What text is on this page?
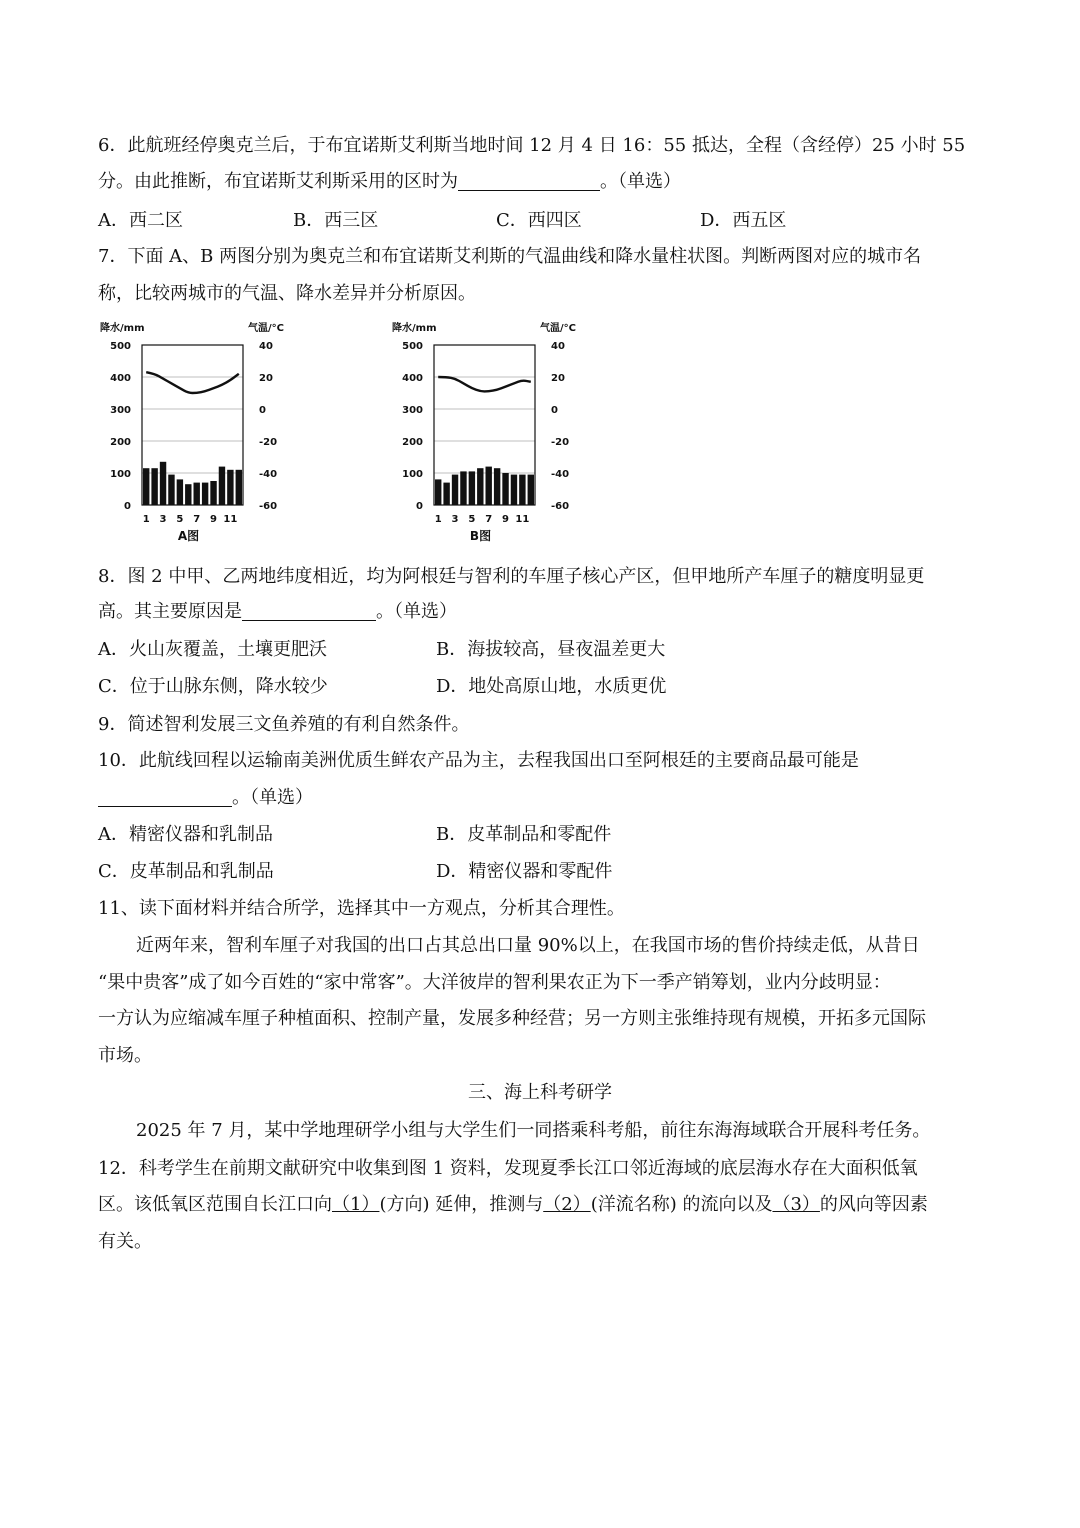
6．此航班经停奥克兰后，于布宜诺斯艾利斯当地时间 12 月 4 日 16：55 抵达，全程（含经停）25 小时 55
分。由此推断，布宜诺斯艾利斯采用的区时为	。（单选）
A．西二区	B．西三区	C．西四区	D．西五区
7．下面 A、B 两图分别为奥克兰和布宜诺斯艾利斯的气温曲线和降水量柱状图。判断两图对应的城市名
称，比较两城市的气温、降水差异并分析原因。
降水/mm	气温/°C
500
400
300
200
100
0
40
20
0
-20
-40
-60
1 3 5 7 9 11
A图
降水/mm	气温/°C
500
400
300
200
100
0
40
20
0
-20
-40
-60
1 3 5 7 9 11
B图
8．图 2 中甲、乙两地纬度相近，均为阿根廷与智利的车厘子核心产区，但甲地所产车厘子的糖度明显更
高。其主要原因是	。（单选）
A．火山灰覆盖，土壤更肥沃	B．海拔较高，昼夜温差更大
C．位于山脉东侧，降水较少	D．地处高原山地，水质更优
9．简述智利发展三文鱼养殖的有利自然条件。
10．此航线回程以运输南美洲优质生鲜农产品为主，去程我国出口至阿根廷的主要商品最可能是
。（单选）
A．精密仪器和乳制品	B．皮革制品和零配件
C．皮革制品和乳制品	D．精密仪器和零配件
11、读下面材料并结合所学，选择其中一方观点，分析其合理性。
近两年来，智利车厘子对我国的出口占其总出口量 90%以上，在我国市场的售价持续走低，从昔日
“果中贵客”成了如今百姓的“家中常客”。大洋彼岸的智利果农正为下一季产销筹划，业内分歧明显：
一方认为应缩减车厘子种植面积、控制产量，发展多种经营；另一方则主张维持现有规模，开拓多元国际
市场。
三、海上科考研学
2025 年 7 月，某中学地理研学小组与大学生们一同搭乘科考船，前往东海海域联合开展科考任务。
12．科考学生在前期文献研究中收集到图 1 资料，发现夏季长江口邻近海域的底层海水存在大面积低氧
区。该低氧区范围自长江口向（1）(方向) 延伸，推测与（2）(洋流名称) 的流向以及（3）的风向等因素
有关。
